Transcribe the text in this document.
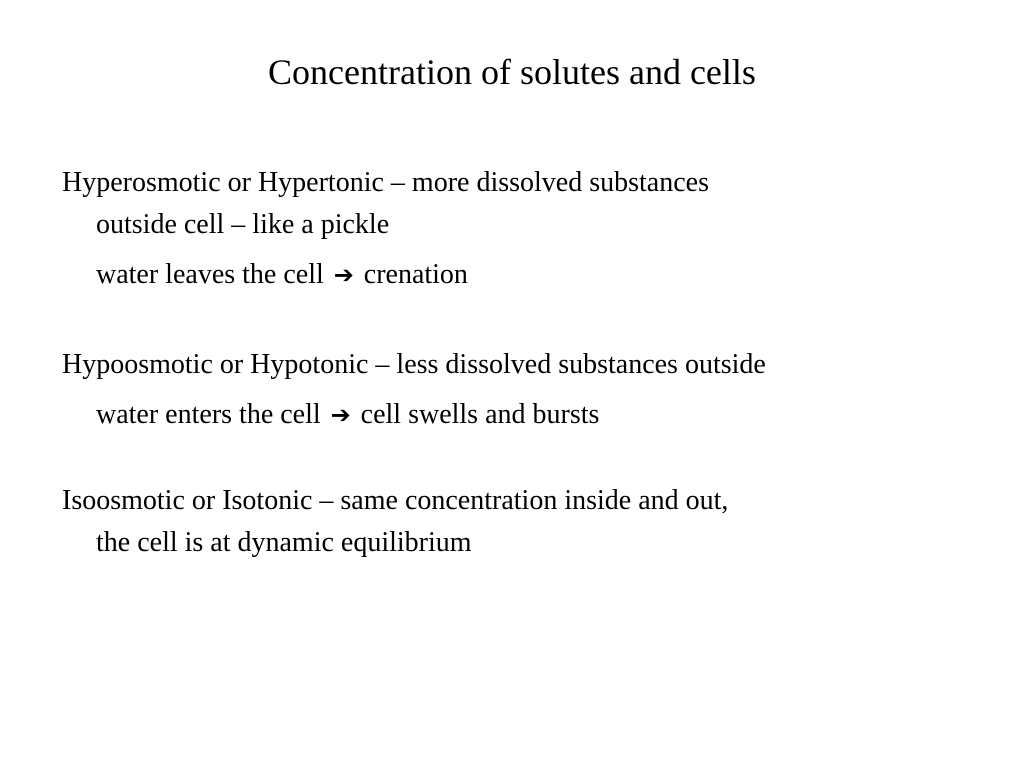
Concentration of solutes and cells
Hyperosmotic or Hypertonic – more dissolved substances
outside cell – like a pickle
water leaves the cell ➔ crenation
Hypoosmotic or Hypotonic – less dissolved substances outside
water enters the cell ➔ cell swells and bursts
Isoosmotic or Isotonic – same concentration inside and out,
the cell is at dynamic equilibrium
